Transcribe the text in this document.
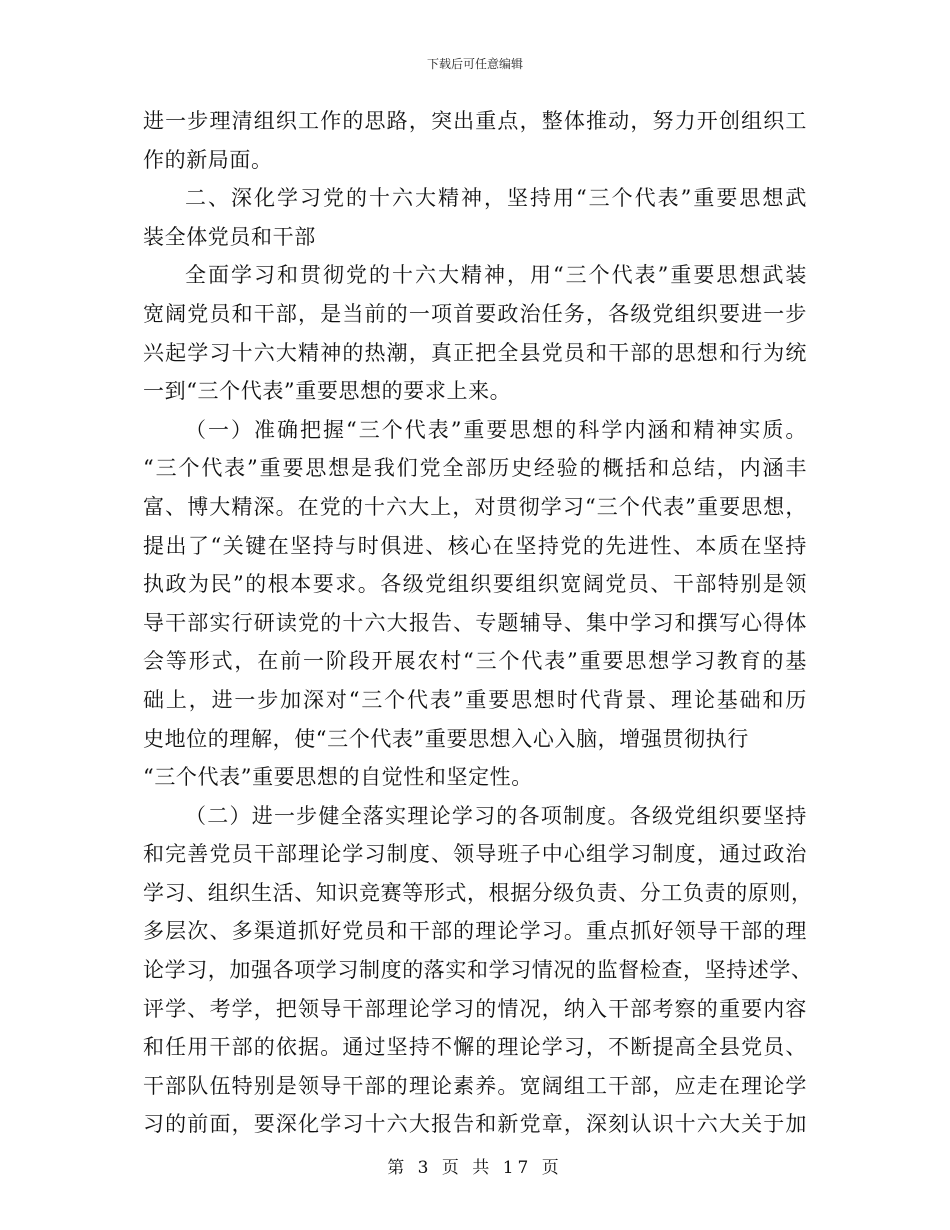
下载后可任意编辑
进一步理清组织工作的思路，突出重点，整体推动，努力开创组织工
作的新局面。
二、深化学习党的十六大精神，坚持用“三个代表”重要思想武
装全体党员和干部
全面学习和贯彻党的十六大精神，用“三个代表”重要思想武装
宽阔党员和干部，是当前的一项首要政治任务，各级党组织要进一步
兴起学习十六大精神的热潮，真正把全县党员和干部的思想和行为统
一到“三个代表”重要思想的要求上来。
（一）准确把握“三个代表”重要思想的科学内涵和精神实质。
“三个代表”重要思想是我们党全部历史经验的概括和总结，内涵丰
富、博大精深。在党的十六大上，对贯彻学习“三个代表”重要思想，
提出了“关键在坚持与时俱进、核心在坚持党的先进性、本质在坚持
执政为民”的根本要求。各级党组织要组织宽阔党员、干部特别是领
导干部实行研读党的十六大报告、专题辅导、集中学习和撰写心得体
会等形式，在前一阶段开展农村“三个代表”重要思想学习教育的基
础上，进一步加深对“三个代表”重要思想时代背景、理论基础和历
史地位的理解，使“三个代表”重要思想入心入脑，增强贯彻执行
“三个代表”重要思想的自觉性和坚定性。
（二）进一步健全落实理论学习的各项制度。各级党组织要坚持
和完善党员干部理论学习制度、领导班子中心组学习制度，通过政治
学习、组织生活、知识竞赛等形式，根据分级负责、分工负责的原则，
多层次、多渠道抓好党员和干部的理论学习。重点抓好领导干部的理
论学习，加强各项学习制度的落实和学习情况的监督检查，坚持述学、
评学、考学，把领导干部理论学习的情况，纳入干部考察的重要内容
和任用干部的依据。通过坚持不懈的理论学习，不断提高全县党员、
干部队伍特别是领导干部的理论素养。宽阔组工干部，应走在理论学
习的前面，要深化学习十六大报告和新党章，深刻认识十六大关于加
第 3 页 共 17 页
